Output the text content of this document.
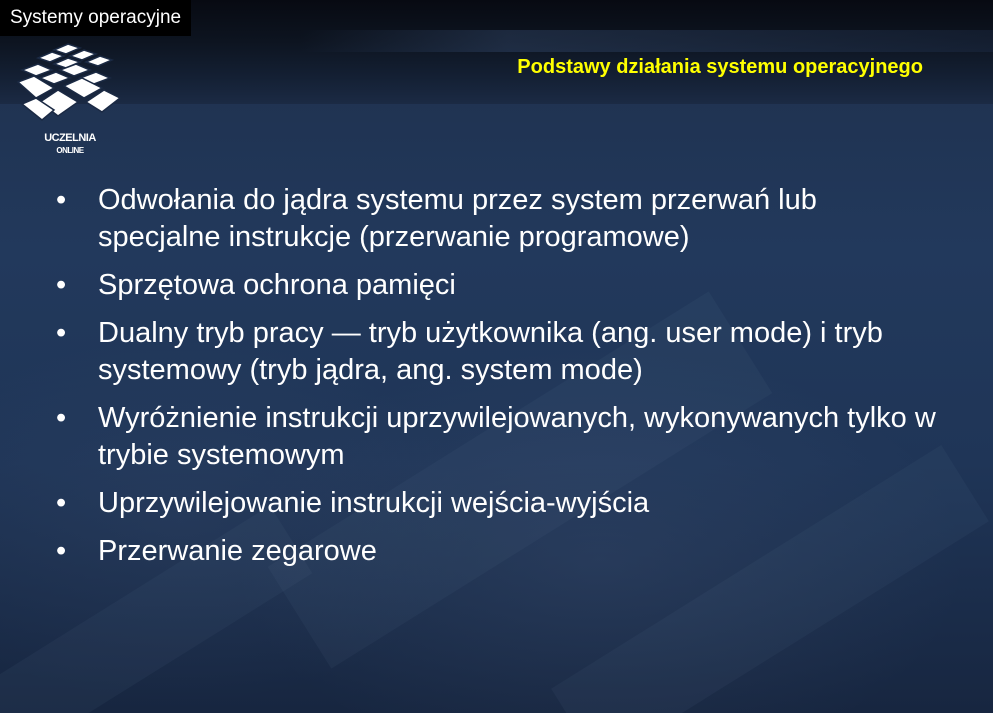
Systemy operacyjne
UCZELNIA
ONLINE
Podstawy działania systemu operacyjnego
•	Odwołania do jądra systemu przez system przerwań lub specjalne instrukcje (przerwanie programowe)
•	Sprzętowa ochrona pamięci
•	Dualny tryb pracy — tryb użytkownika (ang. user mode) i tryb systemowy (tryb jądra, ang. system mode)
•	Wyróżnienie instrukcji uprzywilejowanych, wykonywanych tylko w trybie systemowym
•	Uprzywilejowanie instrukcji wejścia-wyjścia
•	Przerwanie zegarowe
